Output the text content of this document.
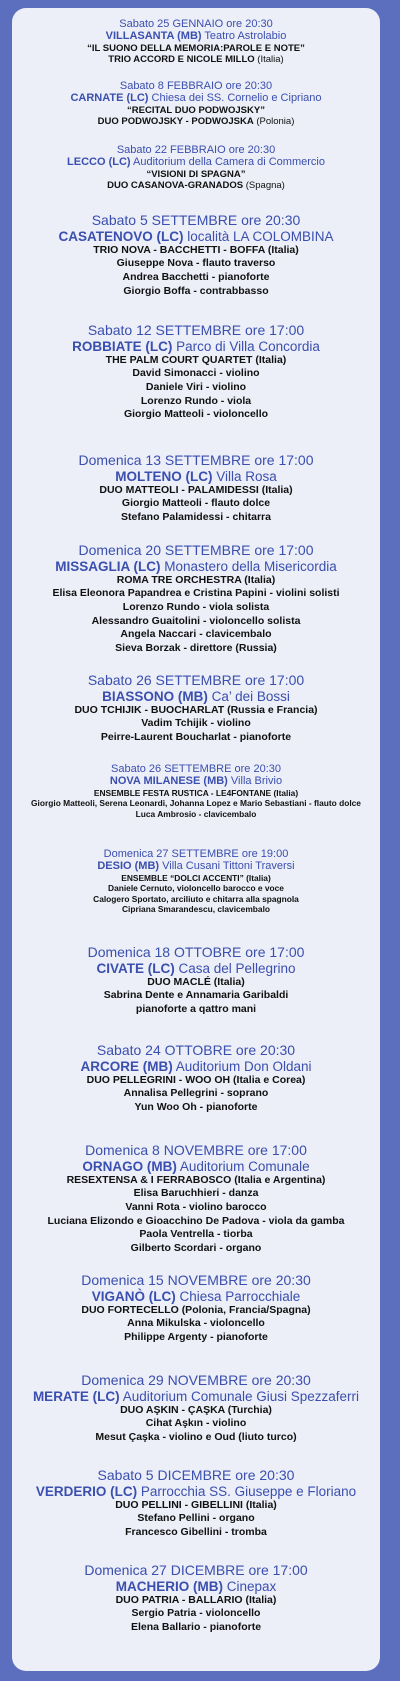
Sabato 25 GENNAIO ore 20:30
VILLASANTA (MB) Teatro Astrolabio
“IL SUONO DELLA MEMORIA:PAROLE E NOTE”
TRIO ACCORD E NICOLE MILLO (Italia)
Sabato 8 FEBBRAIO ore 20:30
CARNATE (LC) Chiesa dei SS. Cornelio e Cipriano
“RECITAL DUO PODWOJSKY”
DUO PODWOJSKY - PODWOJSKA (Polonia)
Sabato 22 FEBBRAIO ore 20:30
LECCO (LC) Auditorium della Camera di Commercio
“VISIONI DI SPAGNA”
DUO CASANOVA-GRANADOS (Spagna)
Sabato 5 SETTEMBRE ore 20:30
CASATENOVO (LC) località LA COLOMBINA
TRIO NOVA - BACCHETTI - BOFFA (Italia)
Giuseppe Nova - flauto traverso
Andrea Bacchetti - pianoforte
Giorgio Boffa - contrabbasso
Sabato 12 SETTEMBRE ore 17:00
ROBBIATE (LC) Parco di Villa Concordia
THE PALM COURT QUARTET (Italia)
David Simonacci - violino
Daniele Viri - violino
Lorenzo Rundo - viola
Giorgio Matteoli - violoncello
Domenica 13 SETTEMBRE ore 17:00
MOLTENO (LC) Villa Rosa
DUO MATTEOLI - PALAMIDESSI (Italia)
Giorgio Matteoli - flauto dolce
Stefano Palamidessi - chitarra
Domenica 20 SETTEMBRE ore 17:00
MISSAGLIA (LC) Monastero della Misericordia
ROMA TRE ORCHESTRA (Italia)
Elisa Eleonora Papandrea e Cristina Papini - violini solisti
Lorenzo Rundo - viola solista
Alessandro Guaitolini - violoncello solista
Angela Naccari - clavicembalo
Sieva Borzak - direttore (Russia)
Sabato 26 SETTEMBRE ore 17:00
BIASSONO (MB) Ca’ dei Bossi
DUO TCHIJIK - BUOCHARLAT (Russia e Francia)
Vadim Tchijik - violino
Peirre-Laurent Boucharlat - pianoforte
Sabato 26 SETTEMBRE ore 20:30
NOVA MILANESE (MB) Villa Brivio
ENSEMBLE FESTA RUSTICA - LE4FONTANE (Italia)
Giorgio Matteoli, Serena Leonardi, Johanna Lopez e Mario Sebastiani - flauto dolce
Luca Ambrosio - clavicembalo
Domenica 27 SETTEMBRE ore 19:00
DESIO (MB) Villa Cusani Tittoni Traversi
ENSEMBLE “DOLCI ACCENTI” (Italia)
Daniele Cernuto, violoncello barocco e voce
Calogero Sportato, arciliuto e chitarra alla spagnola
Cipriana Smarandescu, clavicembalo
Domenica 18 OTTOBRE ore 17:00
CIVATE (LC) Casa del Pellegrino
DUO MACLÉ (Italia)
Sabrina Dente e Annamaria Garibaldi
pianoforte a qattro mani
Sabato 24 OTTOBRE ore 20:30
ARCORE (MB) Auditorium Don Oldani
DUO PELLEGRINI - WOO OH (Italia e Corea)
Annalisa Pellegrini - soprano
Yun Woo Oh - pianoforte
Domenica 8 NOVEMBRE ore 17:00
ORNAGO (MB) Auditorium Comunale
RESEXTENSA & I FERRABOSCO (Italia e Argentina)
Elisa Baruchhieri - danza
Vanni Rota - violino barocco
Luciana Elizondo e Gioacchino De Padova - viola da gamba
Paola Ventrella - tiorba
Gilberto Scordari - organo
Domenica 15 NOVEMBRE ore 20:30
VIGANÒ (LC) Chiesa Parrocchiale
DUO FORTECELLO (Polonia, Francia/Spagna)
Anna Mikulska - violoncello
Philippe Argenty - pianoforte
Domenica 29 NOVEMBRE ore 20:30
MERATE (LC) Auditorium Comunale Giusi Spezzaferri
DUO AŞKIN - ÇAŞKA (Turchia)
Cihat Aşkın - violino
Mesut Çaşka - violino e Oud (liuto turco)
Sabato 5 DICEMBRE ore 20:30
VERDERIO (LC) Parrocchia SS. Giuseppe e Floriano
DUO PELLINI - GIBELLINI (Italia)
Stefano Pellini - organo
Francesco Gibellini - tromba
Domenica 27 DICEMBRE ore 17:00
MACHERIO (MB) Cinepax
DUO PATRIA - BALLARIO (Italia)
Sergio Patria - violoncello
Elena Ballario - pianoforte
